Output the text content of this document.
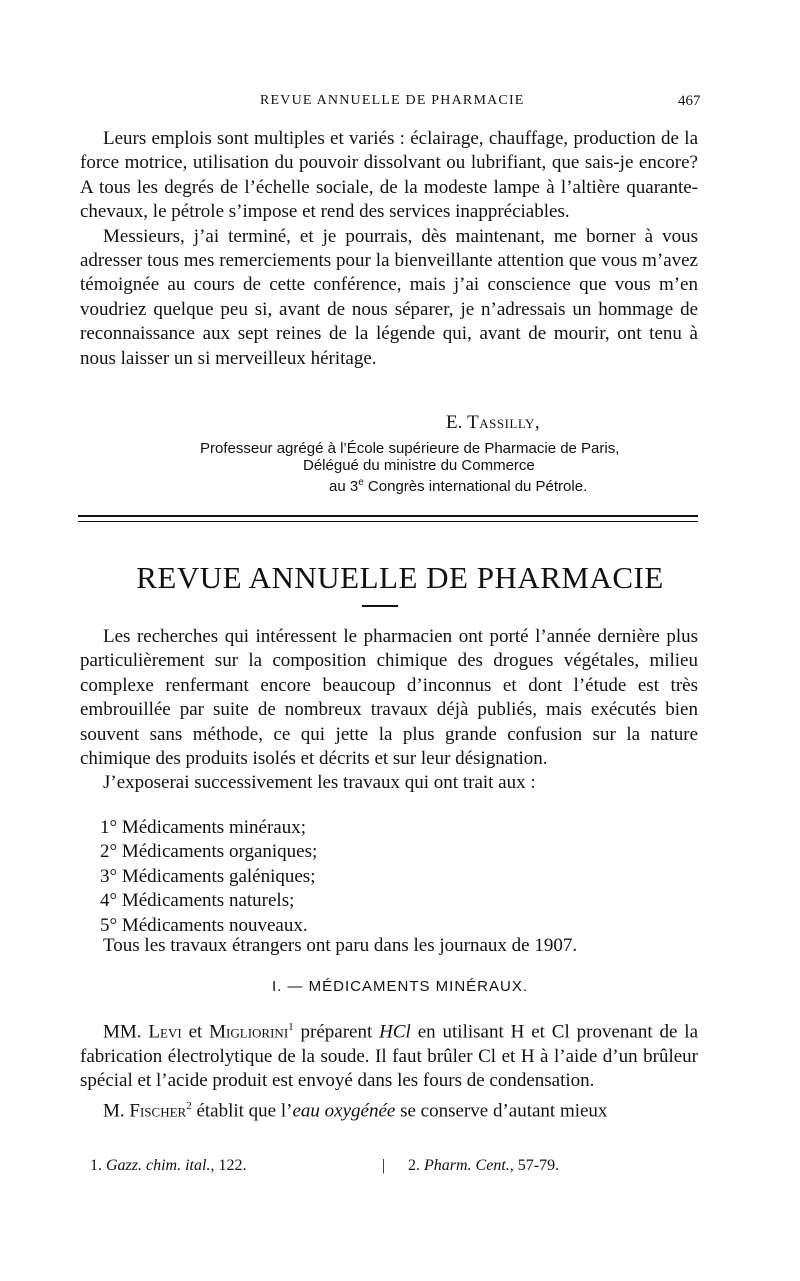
REVUE ANNUELLE DE PHARMACIE	467

Leurs emplois sont multiples et variés : éclairage, chauffage, production de la force motrice, utilisation du pouvoir dissolvant ou lubrifiant, que sais-je encore? A tous les degrés de l’échelle sociale, de la modeste lampe à l’altière quarante-chevaux, le pétrole s’impose et rend des services inappréciables.

Messieurs, j’ai terminé, et je pourrais, dès maintenant, me borner à vous adresser tous mes remerciements pour la bienveillante attention que vous m’avez témoignée au cours de cette conférence, mais j’ai conscience que vous m’en voudriez quelque peu si, avant de nous séparer, je n’adressais un hommage de reconnaissance aux sept reines de la légende qui, avant de mourir, ont tenu à nous laisser un si merveilleux héritage.

E. Tassilly,
Professeur agrégé à l’École supérieure de Pharmacie de Paris,
Délégué du ministre du Commerce
au 3e Congrès international du Pétrole.
REVUE ANNUELLE DE PHARMACIE

Les recherches qui intéressent le pharmacien ont porté l’année dernière plus particulièrement sur la composition chimique des drogues végétales, milieu complexe renfermant encore beaucoup d’inconnus et dont l’étude est très embrouillée par suite de nombreux travaux déjà publiés, mais exécutés bien souvent sans méthode, ce qui jette la plus grande confusion sur la nature chimique des produits isolés et décrits et sur leur désignation.

J’exposerai successivement les travaux qui ont trait aux :

1° Médicaments minéraux;
2° Médicaments organiques;
3° Médicaments galéniques;
4° Médicaments naturels;
5° Médicaments nouveaux.

Tous les travaux étrangers ont paru dans les journaux de 1907.

I. — MÉDICAMENTS MINÉRAUX.

MM. Levi et Migliorini$^1$ préparent HCl en utilisant H et Cl provenant de la fabrication électrolytique de la soude. Il faut brûler Cl et H à l’aide d’un brûleur spécial et l’acide produit est envoyé dans les fours de condensation.

M. Fischer$^2$ établit que l’eau oxygénée se conserve d’autant mieux

1. Gazz. chim. ital., 122.	| 2. Pharm. Cent., 57-79.
